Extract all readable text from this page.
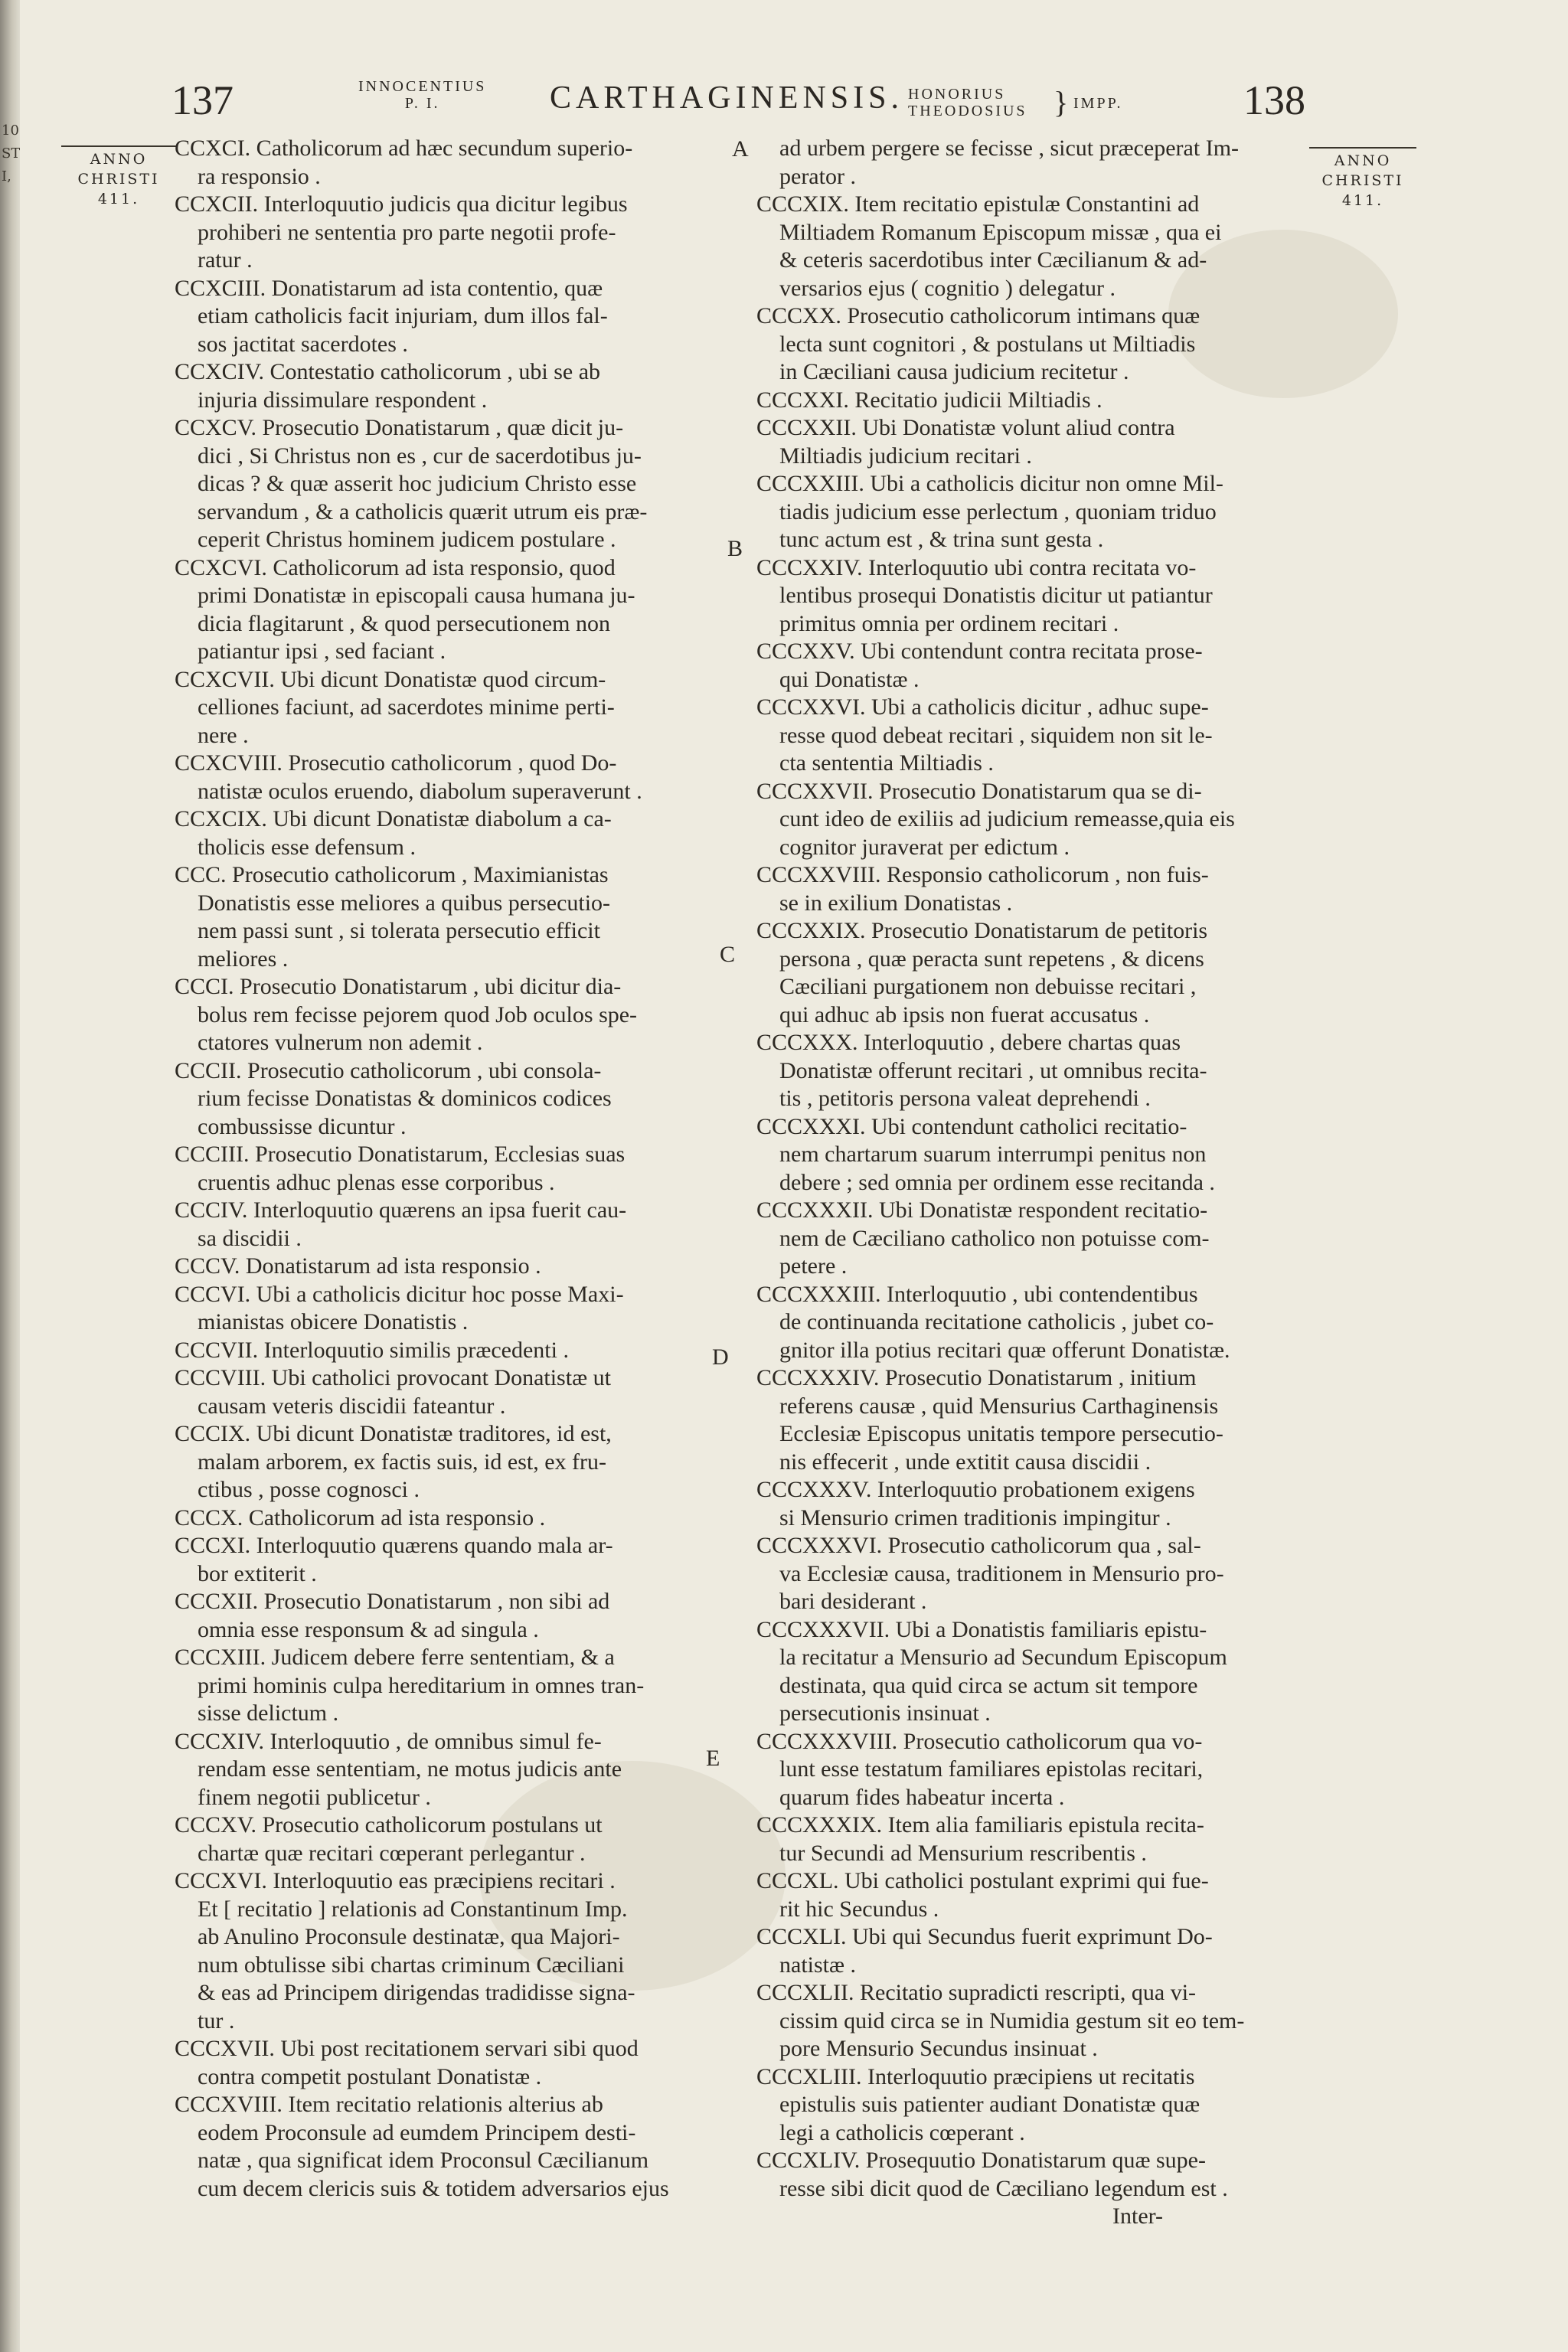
10
ST
I,
137	INNOCENTIUS
P. I.	CARTHAGINENSIS. HONORIUS
THEODOSIUS } IMPP.	138
ANNO
CHRISTI
411.
ANNO
CHRISTI
411.
A
B
C
D
E
CCXCI. Catholicorum ad hæc secundum superio-
ra responsio .
CCXCII. Interloquutio judicis qua dicitur legibus
prohiberi ne sententia pro parte negotii profe-
ratur .
CCXCIII. Donatistarum ad ista contentio, quæ
etiam catholicis facit injuriam, dum illos fal-
sos jactitat sacerdotes .
CCXCIV. Contestatio catholicorum , ubi se ab
injuria dissimulare respondent .
CCXCV. Prosecutio Donatistarum , quæ dicit ju-
dici , Si Christus non es , cur de sacerdotibus ju-
dicas ? & quæ asserit hoc judicium Christo esse
servandum , & a catholicis quærit utrum eis præ-
ceperit Christus hominem judicem postulare .
CCXCVI. Catholicorum ad ista responsio, quod
primi Donatistæ in episcopali causa humana ju-
dicia flagitarunt , & quod persecutionem non
patiantur ipsi , sed faciant .
CCXCVII. Ubi dicunt Donatistæ quod circum-
celliones faciunt, ad sacerdotes minime perti-
nere .
CCXCVIII. Prosecutio catholicorum , quod Do-
natistæ oculos eruendo, diabolum superaverunt .
CCXCIX. Ubi dicunt Donatistæ diabolum a ca-
tholicis esse defensum .
CCC. Prosecutio catholicorum , Maximianistas
Donatistis esse meliores a quibus persecutio-
nem passi sunt , si tolerata persecutio efficit
meliores .
CCCI. Prosecutio Donatistarum , ubi dicitur dia-
bolus rem fecisse pejorem quod Job oculos spe-
ctatores vulnerum non ademit .
CCCII. Prosecutio catholicorum , ubi consola-
rium fecisse Donatistas & dominicos codices
combussisse dicuntur .
CCCIII. Prosecutio Donatistarum, Ecclesias suas
cruentis adhuc plenas esse corporibus .
CCCIV. Interloquutio quærens an ipsa fuerit cau-
sa discidii .
CCCV. Donatistarum ad ista responsio .
CCCVI. Ubi a catholicis dicitur hoc posse Maxi-
mianistas obicere Donatistis .
CCCVII. Interloquutio similis præcedenti .
CCCVIII. Ubi catholici provocant Donatistæ ut
causam veteris discidii fateantur .
CCCIX. Ubi dicunt Donatistæ traditores, id est,
malam arborem, ex factis suis, id est, ex fru-
ctibus , posse cognosci .
CCCX. Catholicorum ad ista responsio .
CCCXI. Interloquutio quærens quando mala ar-
bor extiterit .
CCCXII. Prosecutio Donatistarum , non sibi ad
omnia esse responsum & ad singula .
CCCXIII. Judicem debere ferre sententiam, & a
primi hominis culpa hereditarium in omnes tran-
sisse delictum .
CCCXIV. Interloquutio , de omnibus simul fe-
rendam esse sententiam, ne motus judicis ante
finem negotii publicetur .
CCCXV. Prosecutio catholicorum postulans ut
chartæ quæ recitari cœperant perlegantur .
CCCXVI. Interloquutio eas præcipiens recitari .
Et [ recitatio ] relationis ad Constantinum Imp.
ab Anulino Proconsule destinatæ, qua Majori-
num obtulisse sibi chartas criminum Cæciliani
& eas ad Principem dirigendas tradidisse signa-
tur .
CCCXVII. Ubi post recitationem servari sibi quod
contra competit postulant Donatistæ .
CCCXVIII. Item recitatio relationis alterius ab
eodem Proconsule ad eumdem Principem desti-
natæ , qua significat idem Proconsul Cæcilianum
cum decem clericis suis & totidem adversarios ejus
ad urbem pergere se fecisse , sicut præceperat Im-
perator .
CCCXIX. Item recitatio epistulæ Constantini ad
Miltiadem Romanum Episcopum missæ , qua ei
& ceteris sacerdotibus inter Cæcilianum & ad-
versarios ejus ( cognitio ) delegatur .
CCCXX. Prosecutio catholicorum intimans quæ
lecta sunt cognitori , & postulans ut Miltiadis
in Cæciliani causa judicium recitetur .
CCCXXI. Recitatio judicii Miltiadis .
CCCXXII. Ubi Donatistæ volunt aliud contra
Miltiadis judicium recitari .
CCCXXIII. Ubi a catholicis dicitur non omne Mil-
tiadis judicium esse perlectum , quoniam triduo
tunc actum est , & trina sunt gesta .
CCCXXIV. Interloquutio ubi contra recitata vo-
lentibus prosequi Donatistis dicitur ut patiantur
primitus omnia per ordinem recitari .
CCCXXV. Ubi contendunt contra recitata prose-
qui Donatistæ .
CCCXXVI. Ubi a catholicis dicitur , adhuc supe-
resse quod debeat recitari , siquidem non sit le-
cta sententia Miltiadis .
CCCXXVII. Prosecutio Donatistarum qua se di-
cunt ideo de exiliis ad judicium remeasse,quia eis
cognitor juraverat per edictum .
CCCXXVIII. Responsio catholicorum , non fuis-
se in exilium Donatistas .
CCCXXIX. Prosecutio Donatistarum de petitoris
persona , quæ peracta sunt repetens , & dicens
Cæciliani purgationem non debuisse recitari ,
qui adhuc ab ipsis non fuerat accusatus .
CCCXXX. Interloquutio , debere chartas quas
Donatistæ offerunt recitari , ut omnibus recita-
tis , petitoris persona valeat deprehendi .
CCCXXXI. Ubi contendunt catholici recitatio-
nem chartarum suarum interrumpi penitus non
debere ; sed omnia per ordinem esse recitanda .
CCCXXXII. Ubi Donatistæ respondent recitatio-
nem de Cæciliano catholico non potuisse com-
petere .
CCCXXXIII. Interloquutio , ubi contendentibus
de continuanda recitatione catholicis , jubet co-
gnitor illa potius recitari quæ offerunt Donatistæ.
CCCXXXIV. Prosecutio Donatistarum , initium
referens causæ , quid Mensurius Carthaginensis
Ecclesiæ Episcopus unitatis tempore persecutio-
nis effecerit , unde extitit causa discidii .
CCCXXXV. Interloquutio probationem exigens
si Mensurio crimen traditionis impingitur .
CCCXXXVI. Prosecutio catholicorum qua , sal-
va Ecclesiæ causa, traditionem in Mensurio pro-
bari desiderant .
CCCXXXVII. Ubi a Donatistis familiaris epistu-
la recitatur a Mensurio ad Secundum Episcopum
destinata, qua quid circa se actum sit tempore
persecutionis insinuat .
CCCXXXVIII. Prosecutio catholicorum qua vo-
lunt esse testatum familiares epistolas recitari,
quarum fides habeatur incerta .
CCCXXXIX. Item alia familiaris epistula recita-
tur Secundi ad Mensurium rescribentis .
CCCXL. Ubi catholici postulant exprimi qui fue-
rit hic Secundus .
CCCXLI. Ubi qui Secundus fuerit exprimunt Do-
natistæ .
CCCXLII. Recitatio supradicti rescripti, qua vi-
cissim quid circa se in Numidia gestum sit eo tem-
pore Mensurio Secundus insinuat .
CCCXLIII. Interloquutio præcipiens ut recitatis
epistulis suis patienter audiant Donatistæ quæ
legi a catholicis cœperant .
CCCXLIV. Prosequutio Donatistarum quæ supe-
resse sibi dicit quod de Cæciliano legendum est .
Inter-
